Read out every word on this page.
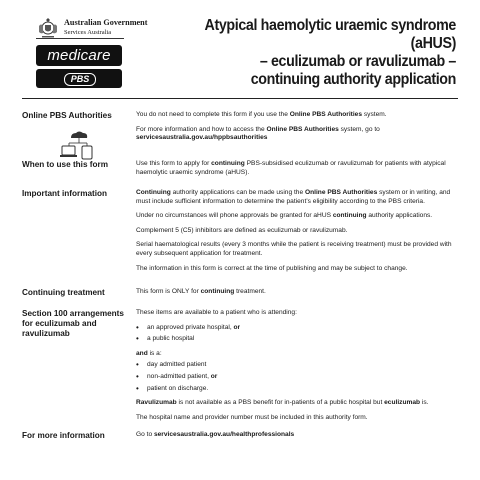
Australian Government
Services Australia
medicare
PBS
Atypical haemolytic uraemic syndrome (aHUS)
– eculizumab or ravulizumab –
continuing authority application
Online PBS Authorities	You do not need to complete this form if you use the Online PBS Authorities system.

For more information and how to access the Online PBS Authorities system, go to
servicesaustralia.gov.au/hppbsauthorities

When to use this form	Use this form to apply for continuing PBS-subsidised eculizumab or ravulizumab for patients with atypical haemolytic uraemic syndrome (aHUS).

Important information	Continuing authority applications can be made using the Online PBS Authorities system or in writing, and must include sufficient information to determine the patient’s eligibility according to the PBS criteria.

Under no circumstances will phone approvals be granted for aHUS continuing authority applications.

Complement 5 (C5) inhibitors are defined as eculizumab or ravulizumab.

Serial haematological results (every 3 months while the patient is receiving treatment) must be provided with every subsequent application for treatment.

The information in this form is correct at the time of publishing and may be subject to change.

Continuing treatment	This form is ONLY for continuing treatment.

Section 100 arrangements for eculizumab and ravulizumab

These items are available to a patient who is attending:

• an approved private hospital, or
• a public hospital

and is a:

• day admitted patient
• non-admitted patient, or
• patient on discharge.

Ravulizumab is not available as a PBS benefit for in-patients of a public hospital but eculizumab is.

The hospital name and provider number must be included in this authority form.

For more information	Go to servicesaustralia.gov.au/healthprofessionals
